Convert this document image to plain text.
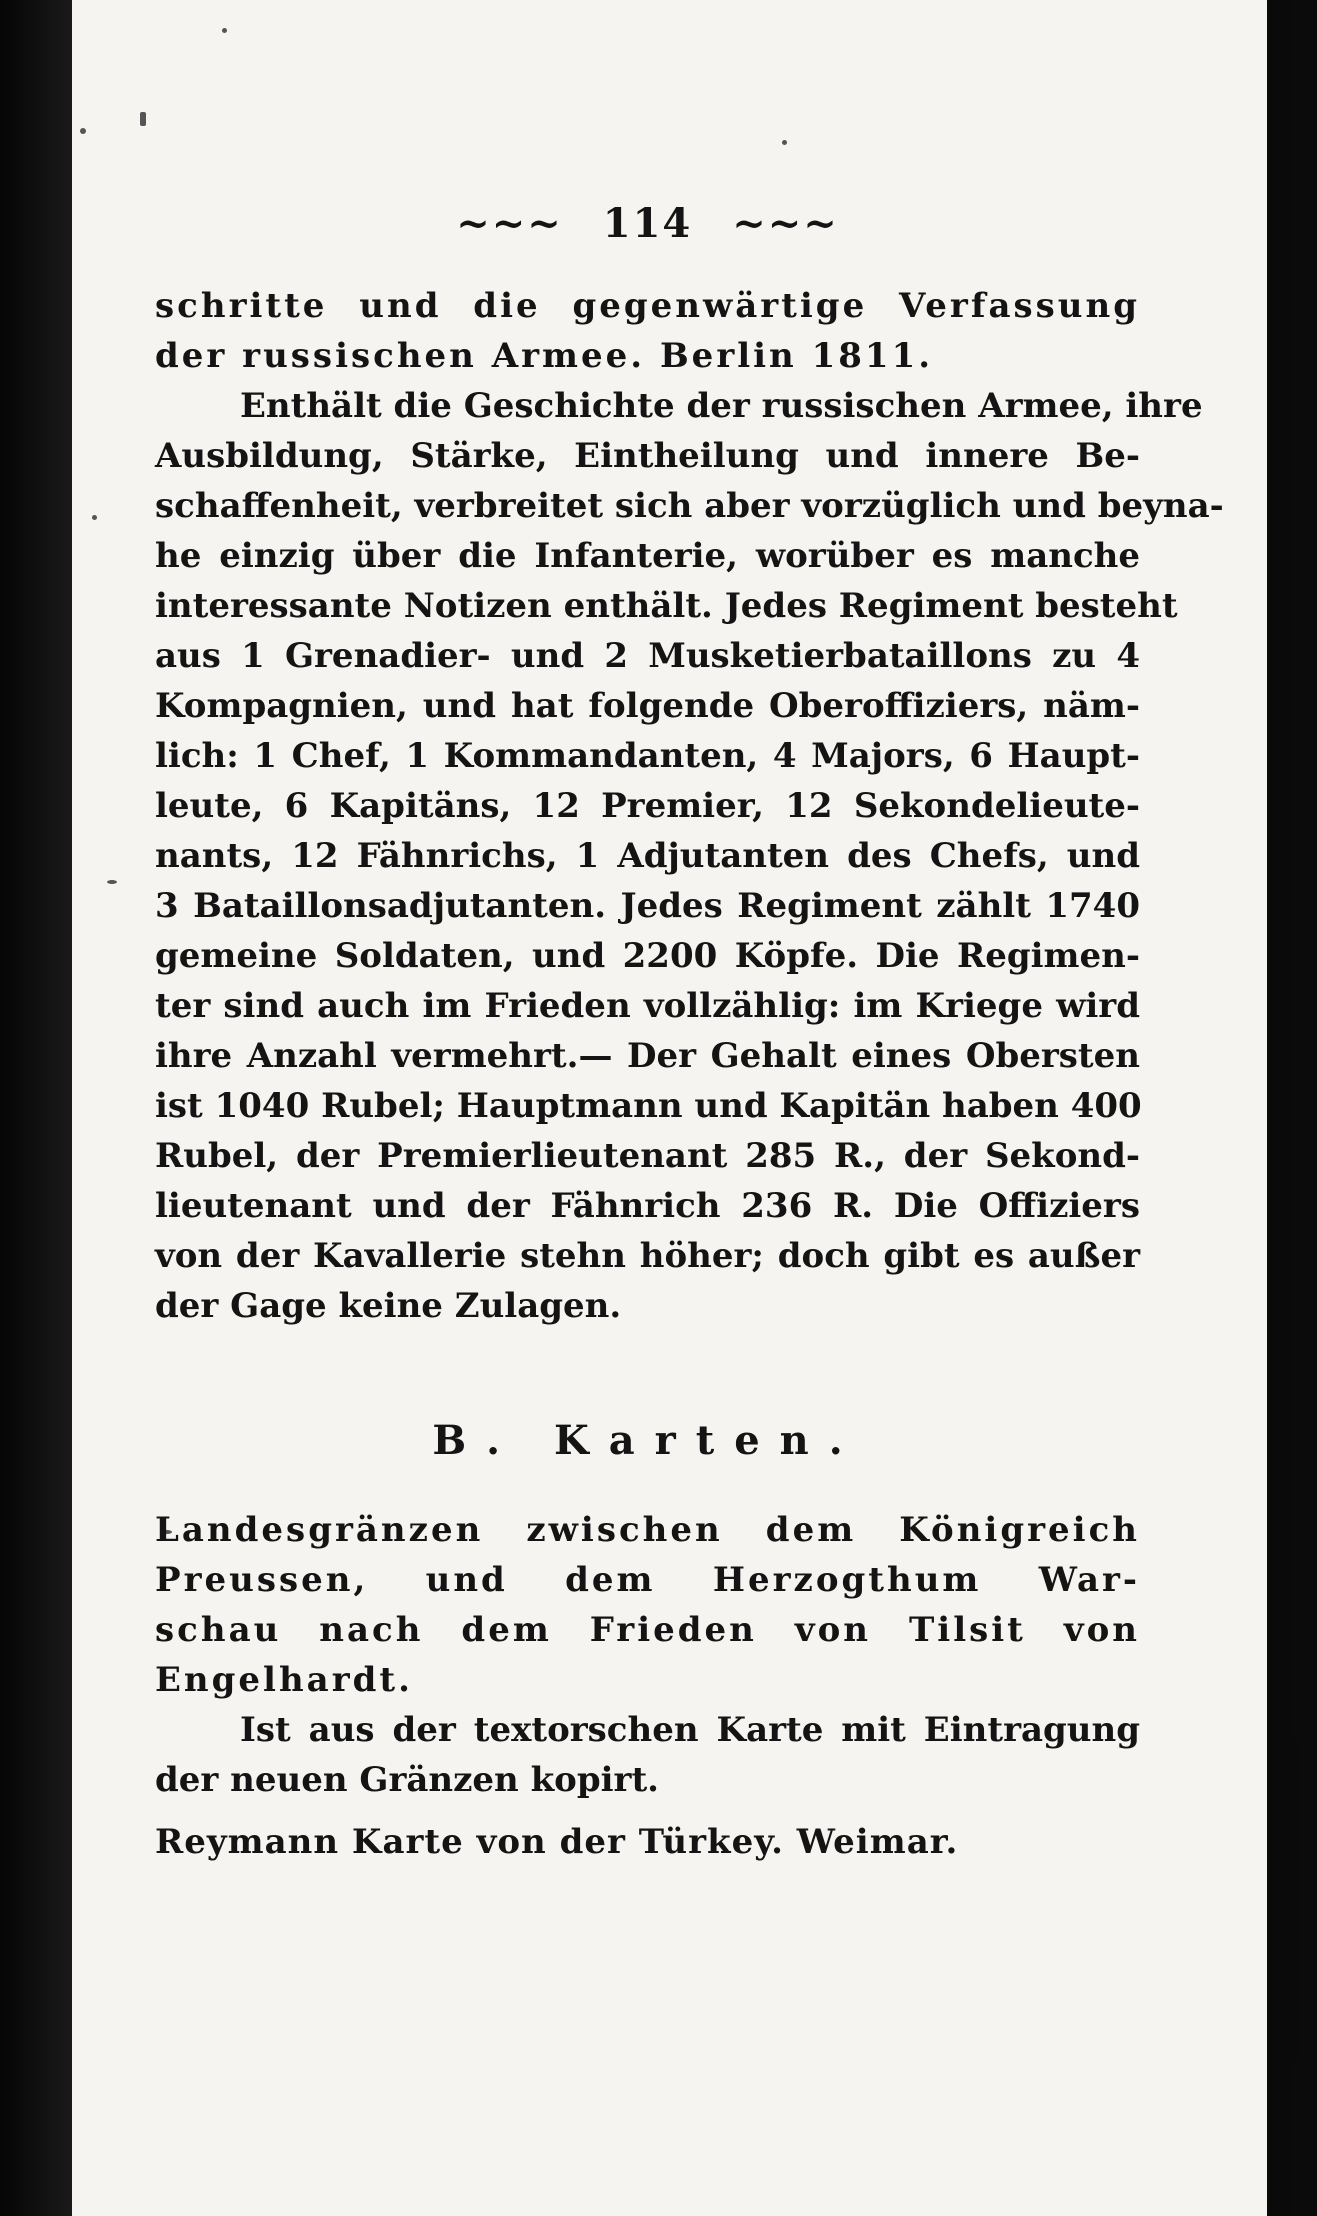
~~~ 114 ~~~
schritte und die gegenwärtige Verfassung
der russischen Armee. Berlin 1811.
Enthält die Geschichte der russischen Armee, ihre
Ausbildung, Stärke, Eintheilung und innere Be-
schaffenheit, verbreitet sich aber vorzüglich und beyna-
he einzig über die Infanterie, worüber es manche
interessante Notizen enthält. Jedes Regiment besteht
aus 1 Grenadier- und 2 Musketierbataillons zu 4
Kompagnien, und hat folgende Oberoffiziers, näm-
lich: 1 Chef, 1 Kommandanten, 4 Majors, 6 Haupt-
leute, 6 Kapitäns, 12 Premier, 12 Sekondelieute-
nants, 12 Fähnrichs, 1 Adjutanten des Chefs, und
3 Bataillonsadjutanten. Jedes Regiment zählt 1740
gemeine Soldaten, und 2200 Köpfe. Die Regimen-
ter sind auch im Frieden vollzählig: im Kriege wird
ihre Anzahl vermehrt.— Der Gehalt eines Obersten
ist 1040 Rubel; Hauptmann und Kapitän haben 400
Rubel, der Premierlieutenant 285 R., der Sekond-
lieutenant und der Fähnrich 236 R. Die Offiziers
von der Kavallerie stehn höher; doch gibt es außer
der Gage keine Zulagen.
B. Karten.
Landesgränzen zwischen dem Königreich
Preussen, und dem Herzogthum War-
schau nach dem Frieden von Tilsit von
Engelhardt.
Ist aus der textorschen Karte mit Eintragung
der neuen Gränzen kopirt.
Reymann Karte von der Türkey. Weimar.
